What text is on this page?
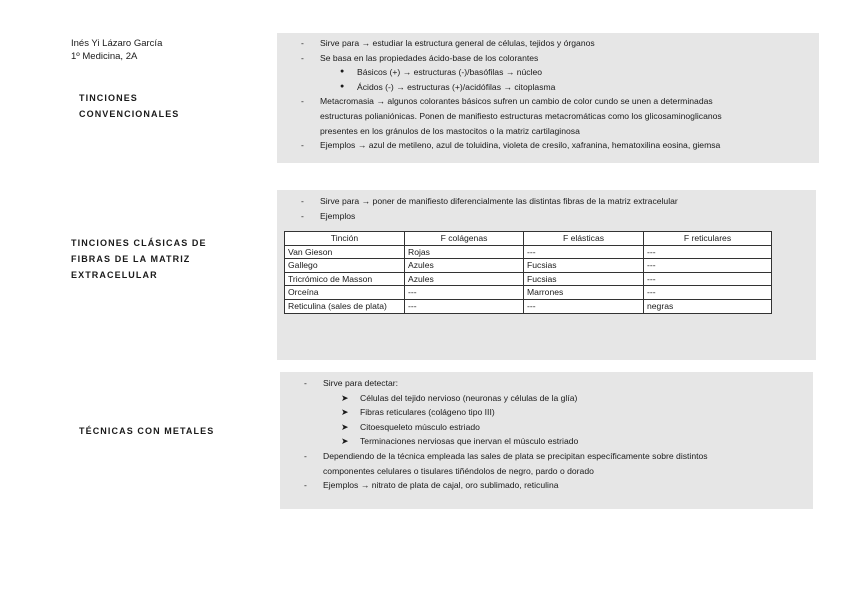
Inés Yi Lázaro García
1º Medicina, 2A
TINCIONES
CONVENCIONALES
- Sirve para → estudiar la estructura general de células, tejidos y órganos
- Se basa en las propiedades ácido-base de los colorantes
● Básicos (+) → estructuras (-)/basófilas → núcleo
● Ácidos (-) → estructuras (+)/acidófilas → citoplasma
- Metacromasia → algunos colorantes básicos sufren un cambio de color cundo se unen a determinadas
estructuras polianiónicas. Ponen de manifiesto estructuras metacromáticas como los glicosaminoglicanos
presentes en los gránulos de los mastocitos o la matriz cartilaginosa
- Ejemplos → azul de metileno, azul de toluidina, violeta de cresilo, xafranina, hematoxilina eosina, giemsa
TINCIONES CLÁSICAS DE
FIBRAS DE LA MATRIZ
EXTRACELULAR
- Sirve para → poner de manifiesto diferencialmente las distintas fibras de la matriz extracelular
- Ejemplos
Tinción	F colágenas	F elásticas	F reticulares
Van Gieson	Rojas	---	---
Gallego	Azules	Fucsias	---
Tricrómico de Masson	Azules	Fucsias	---
Orceína	---	Marrones	---
Reticulina (sales de plata)	---	---	negras
TÉCNICAS CON METALES
- Sirve para detectar:
➤ Células del tejido nervioso (neuronas y células de la glía)
➤ Fibras reticulares (colágeno tipo III)
➤ Citoesqueleto músculo estriado
➤ Terminaciones nerviosas que inervan el músculo estriado
- Dependiendo de la técnica empleada las sales de plata se precipitan específicamente sobre distintos
componentes celulares o tisulares tiñéndolos de negro, pardo o dorado
- Ejemplos → nitrato de plata de cajal, oro sublimado, reticulina
